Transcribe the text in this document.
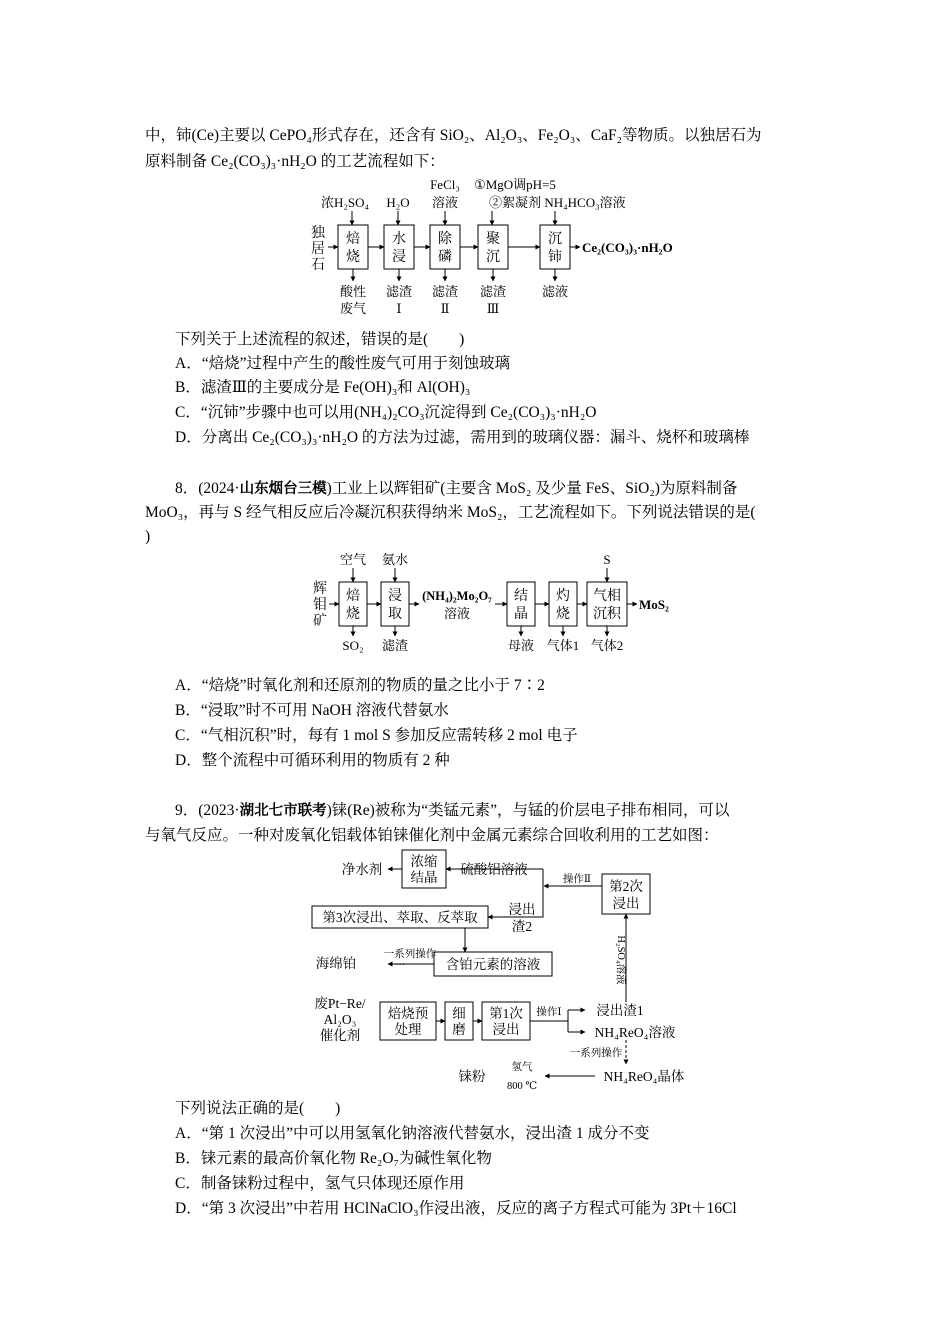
中，铈(Ce)主要以 CePO₄形式存在，还含有 SiO₂、Al₂O₃、Fe₂O₃、CaF₂等物质。以独居石为
原料制备 Ce₂(CO₃)₃·nH₂O 的工艺流程如下：
浓H₂SO₄ H₂O
FeCl₃
溶液
①MgO调pH=5
②絮凝剂 NH₄HCO₃溶液
独
居
石
焙
烧
水
浸
除
磷
聚
沉
沉
铈
Ce₂(CO₃)₃·nH₂O
酸性
废气
滤渣
Ⅰ
滤渣
Ⅱ
滤渣
Ⅲ
滤液
下列关于上述流程的叙述，错误的是(　　)
A．“焙烧”过程中产生的酸性废气可用于刻蚀玻璃
B．滤渣Ⅲ的主要成分是 Fe(OH)₃和 Al(OH)₃
C．“沉铈”步骤中也可以用(NH₄)₂CO₃沉淀得到 Ce₂(CO₃)₃·nH₂O
D．分离出 Ce₂(CO₃)₃·nH₂O 的方法为过滤，需用到的玻璃仪器：漏斗、烧杯和玻璃棒
8．(2024·山东烟台三模)工业上以辉钼矿(主要含 MoS₂ 及少量 FeS、SiO₂)为原料制备
MoO₃，再与 S 经气相反应后冷凝沉积获得纳米 MoS₂，工艺流程如下。下列说法错误的是(
)
空气 氨水	S
辉
钼
矿
焙
烧
浸
取
结
晶
灼
烧
气相
沉积
(NH₄)₂Mo₂O₇
溶液
MoS₂
SO₂ 滤渣	母液 气体1 气体2
A．“焙烧”时氧化剂和还原剂的物质的量之比小于 7∶2
B．“浸取”时不可用 NaOH 溶液代替氨水
C．“气相沉积”时，每有 1 mol S 参加反应需转移 2 mol 电子
D．整个流程中可循环利用的物质有 2 种
9．(2023·湖北七市联考)铼(Re)被称为“类锰元素”，与锰的价层电子排布相同，可以
与氧气反应。一种对废氧化铝载体铂铼催化剂中金属元素综合回收利用的工艺如图：
净水剂
浓缩
结晶
硫酸铝溶液
第2次
浸出
第3次浸出、萃取、反萃取
浸出
渣2
海绵铂	含铂元素的溶液
废Pt−Re/
Al₂O₃
催化剂
焙烧预
处理
细
磨
第1次
浸出
浸出渣1
NH₄ReO₄溶液
铼粉	NH₄ReO₄晶体
操作Ⅱ
一系列操作
···
操作Ⅰ
一系列操作
氢气
800 ℃
H₂SO₄溶液
下列说法正确的是(　　)
A．“第 1 次浸出”中可以用氢氧化钠溶液代替氨水，浸出渣 1 成分不变
B．铼元素的最高价氧化物 Re₂O₇为碱性氧化物
C．制备铼粉过程中，氢气只体现还原作用
D．“第 3 次浸出”中若用 HClNaClO₃作浸出液，反应的离子方程式可能为 3Pt＋16Cl
